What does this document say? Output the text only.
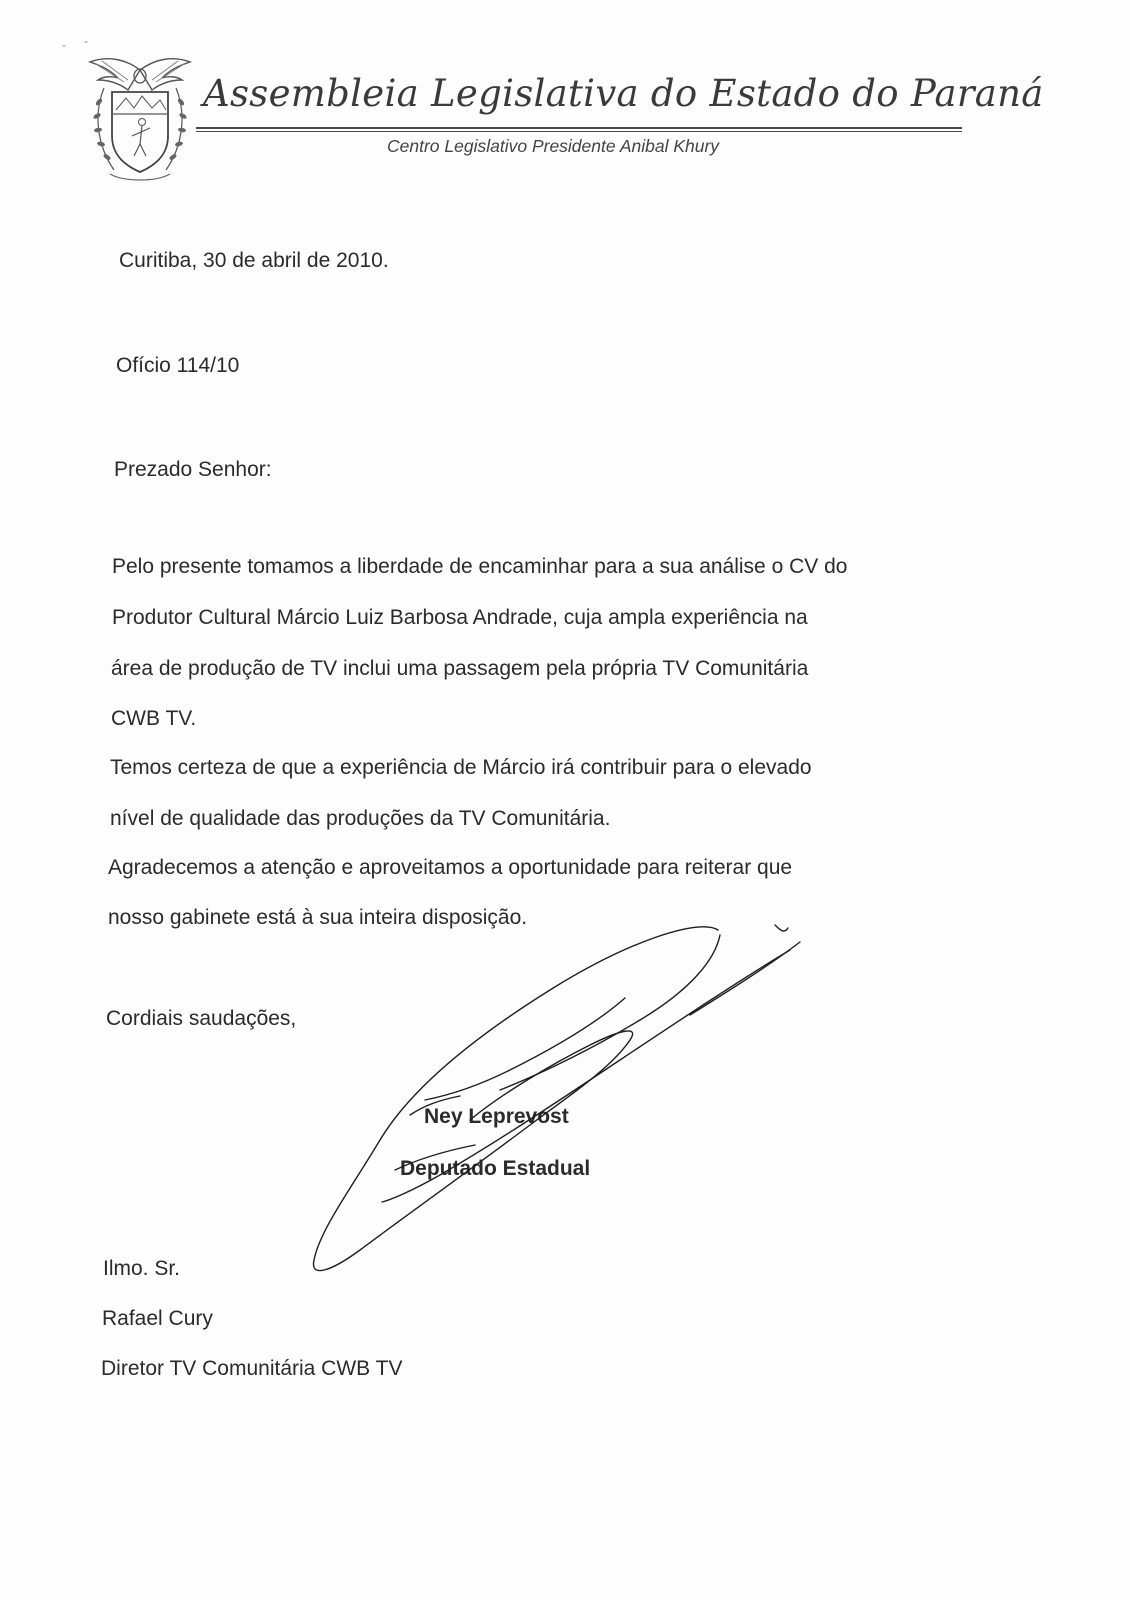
Assembleia Legislativa do Estado do Paraná
Centro Legislativo Presidente Anibal Khury
- -
Curitiba, 30 de abril de 2010.
Ofício 114/10
Prezado Senhor:
Pelo presente tomamos a liberdade de encaminhar para a sua análise o CV do
Produtor Cultural Márcio Luiz Barbosa Andrade, cuja ampla experiência na
área de produção de TV inclui uma passagem pela própria TV Comunitária
CWB TV.
Temos certeza de que a experiência de Márcio irá contribuir para o elevado
nível de qualidade das produções da TV Comunitária.
Agradecemos a atenção e aproveitamos a oportunidade para reiterar que
nosso gabinete está à sua inteira disposição.
Cordiais saudações,
Ney Leprevost
Deputado Estadual
Ilmo. Sr.
Rafael Cury
Diretor TV Comunitária CWB TV
